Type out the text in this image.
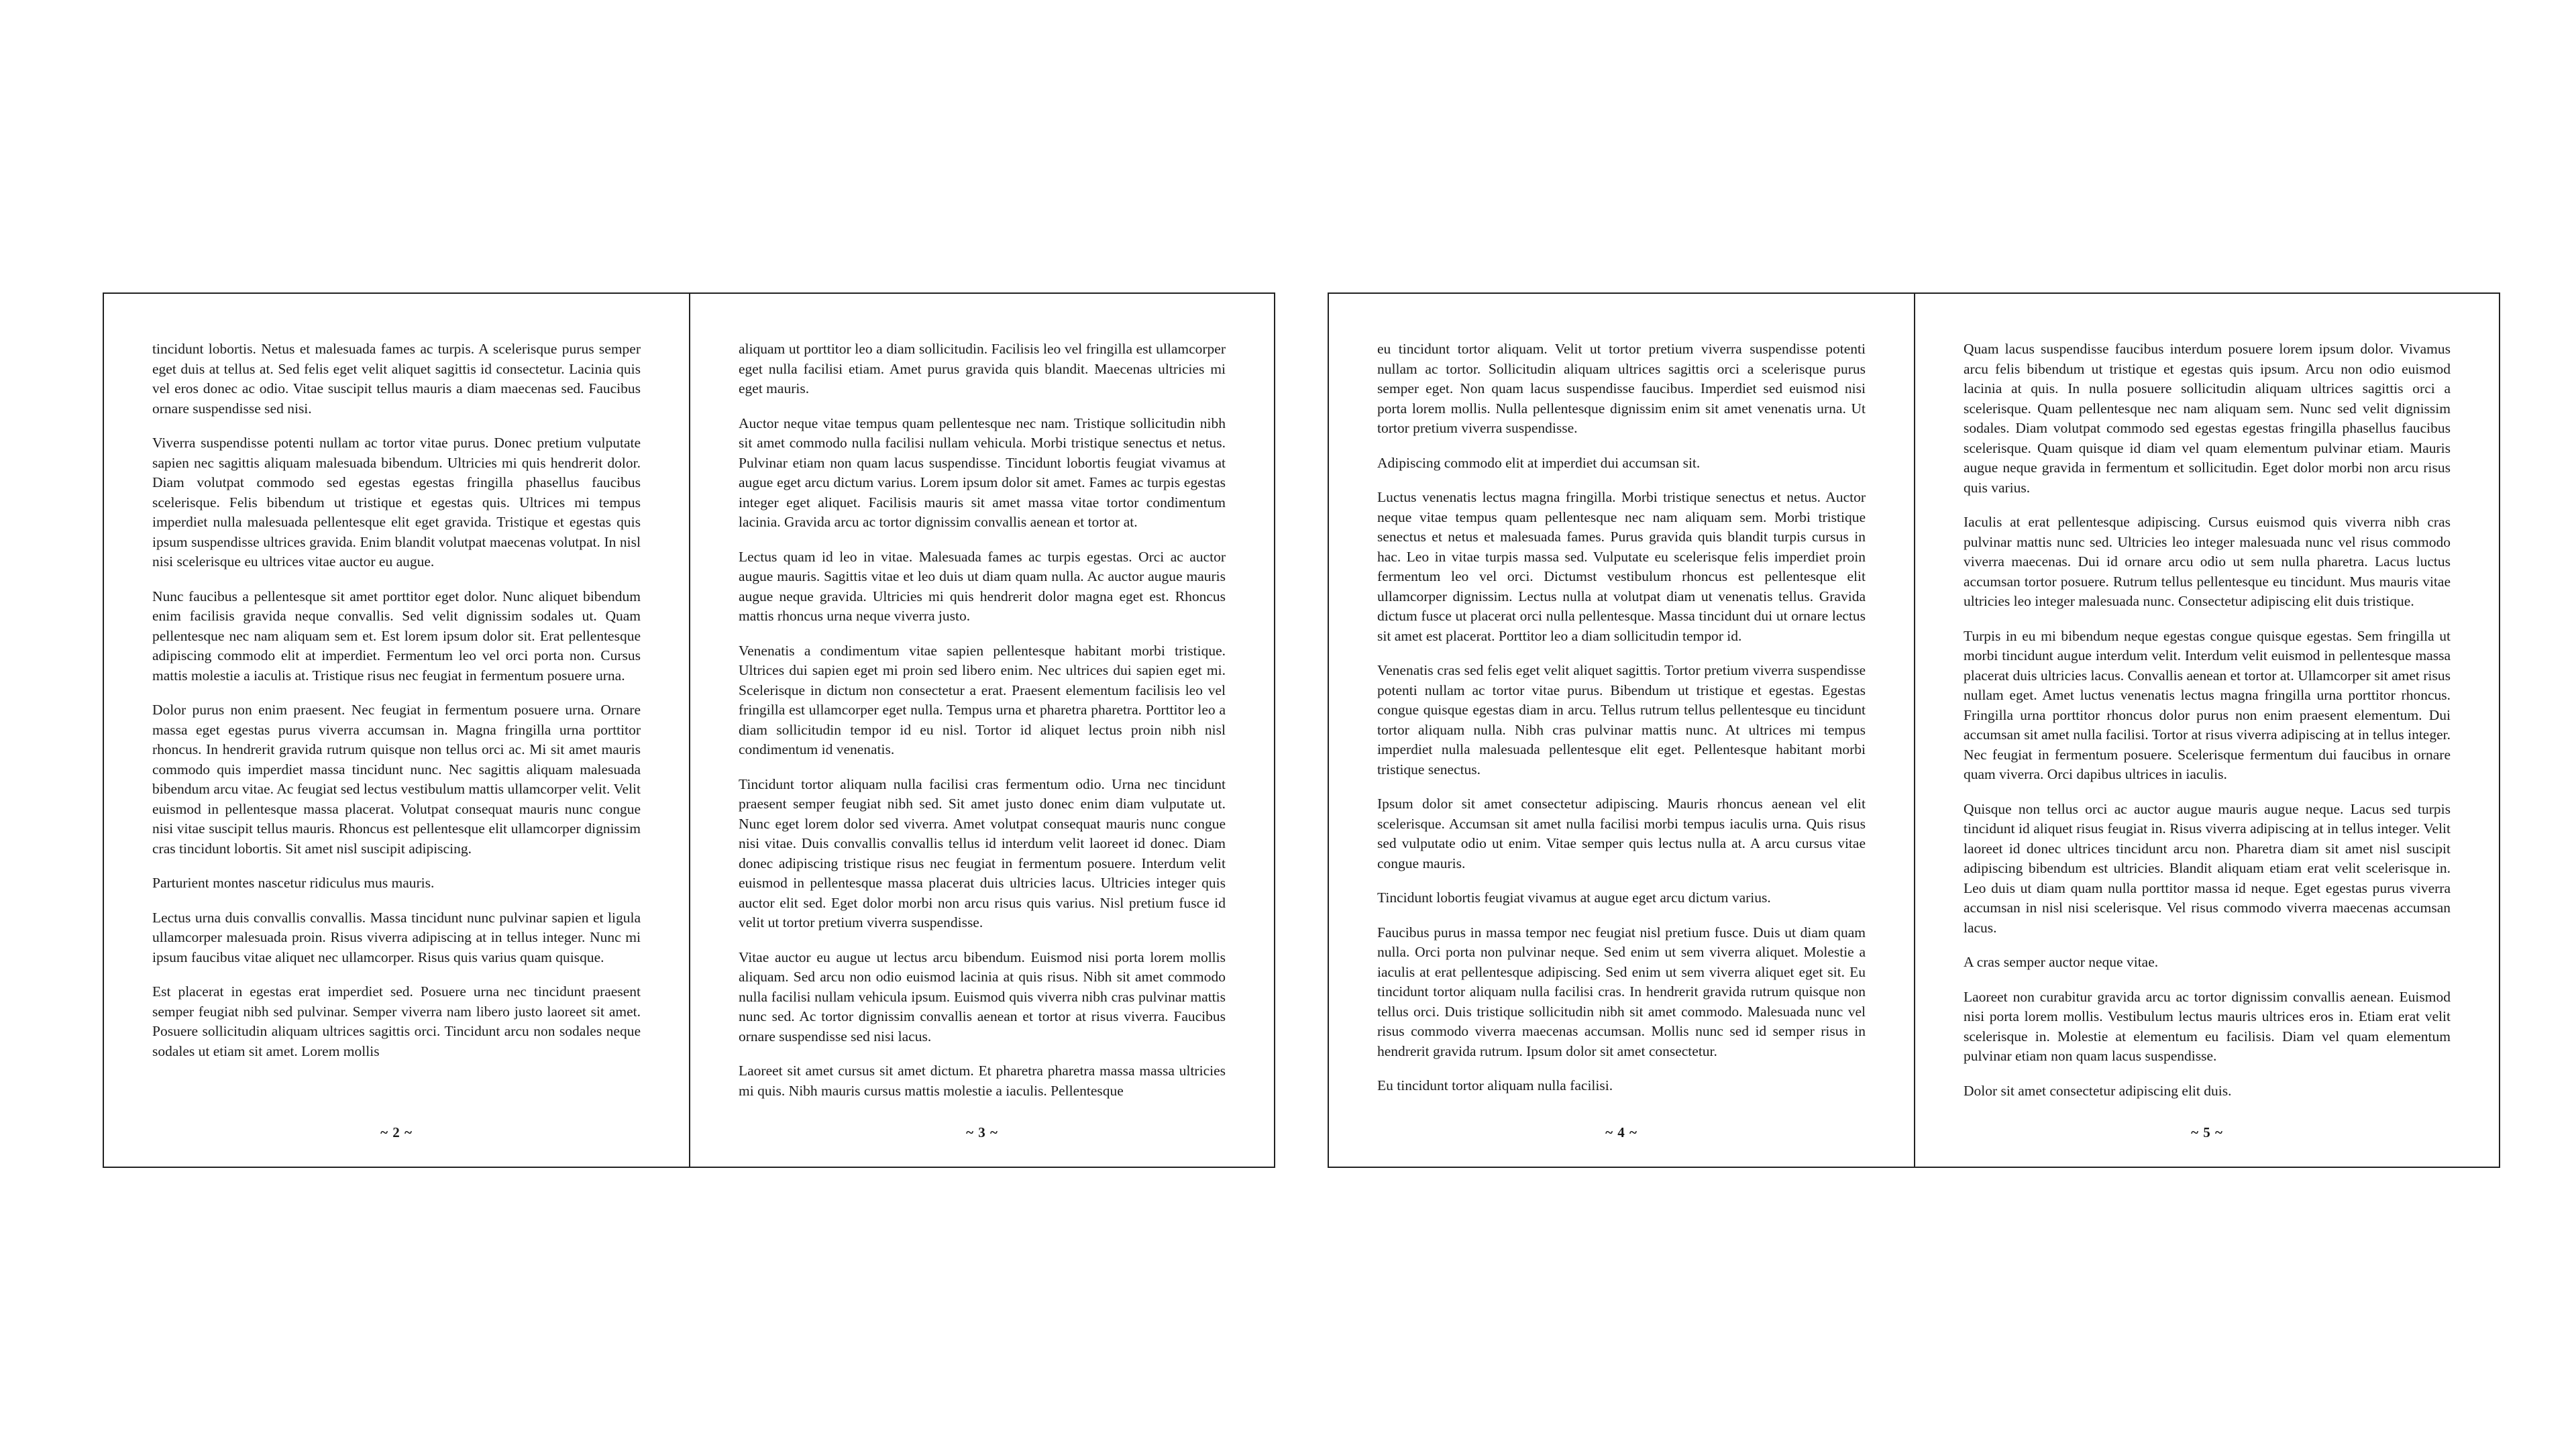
tincidunt lobortis. Netus et malesuada fames ac turpis. A scelerisque purus semper eget duis at tellus at. Sed felis eget velit aliquet sagittis id consectetur. Lacinia quis vel eros donec ac odio. Vitae suscipit tellus mauris a diam maecenas sed. Faucibus ornare suspendisse sed nisi.

Viverra suspendisse potenti nullam ac tortor vitae purus. Donec pretium vulputate sapien nec sagittis aliquam malesuada bibendum. Ultricies mi quis hendrerit dolor. Diam volutpat commodo sed egestas egestas fringilla phasellus faucibus scelerisque. Felis bibendum ut tristique et egestas quis. Ultrices mi tempus imperdiet nulla malesuada pellentesque elit eget gravida. Tristique et egestas quis ipsum suspendisse ultrices gravida. Enim blandit volutpat maecenas volutpat. In nisl nisi scelerisque eu ultrices vitae auctor eu augue.

Nunc faucibus a pellentesque sit amet porttitor eget dolor. Nunc aliquet bibendum enim facilisis gravida neque convallis. Sed velit dignissim sodales ut. Quam pellentesque nec nam aliquam sem et. Est lorem ipsum dolor sit. Erat pellentesque adipiscing commodo elit at imperdiet. Fermentum leo vel orci porta non. Cursus mattis molestie a iaculis at. Tristique risus nec feugiat in fermentum posuere urna.

Dolor purus non enim praesent. Nec feugiat in fermentum posuere urna. Ornare massa eget egestas purus viverra accumsan in. Magna fringilla urna porttitor rhoncus. In hendrerit gravida rutrum quisque non tellus orci ac. Mi sit amet mauris commodo quis imperdiet massa tincidunt nunc. Nec sagittis aliquam malesuada bibendum arcu vitae. Ac feugiat sed lectus vestibulum mattis ullamcorper velit. Velit euismod in pellentesque massa placerat. Volutpat consequat mauris nunc congue nisi vitae suscipit tellus mauris. Rhoncus est pellentesque elit ullamcorper dignissim cras tincidunt lobortis. Sit amet nisl suscipit adipiscing.

Parturient montes nascetur ridiculus mus mauris.

Lectus urna duis convallis convallis. Massa tincidunt nunc pulvinar sapien et ligula ullamcorper malesuada proin. Risus viverra adipiscing at in tellus integer. Nunc mi ipsum faucibus vitae aliquet nec ullamcorper. Risus quis varius quam quisque.

Est placerat in egestas erat imperdiet sed. Posuere urna nec tincidunt praesent semper feugiat nibh sed pulvinar. Semper viverra nam libero justo laoreet sit amet. Posuere sollicitudin aliquam ultrices sagittis orci. Tincidunt arcu non sodales neque sodales ut etiam sit amet. Lorem mollis

~ 2 ~

aliquam ut porttitor leo a diam sollicitudin. Facilisis leo vel fringilla est ullamcorper eget nulla facilisi etiam. Amet purus gravida quis blandit. Maecenas ultricies mi eget mauris.

Auctor neque vitae tempus quam pellentesque nec nam. Tristique sollicitudin nibh sit amet commodo nulla facilisi nullam vehicula. Morbi tristique senectus et netus. Pulvinar etiam non quam lacus suspendisse. Tincidunt lobortis feugiat vivamus at augue eget arcu dictum varius. Lorem ipsum dolor sit amet. Fames ac turpis egestas integer eget aliquet. Facilisis mauris sit amet massa vitae tortor condimentum lacinia. Gravida arcu ac tortor dignissim convallis aenean et tortor at.

Lectus quam id leo in vitae. Malesuada fames ac turpis egestas. Orci ac auctor augue mauris. Sagittis vitae et leo duis ut diam quam nulla. Ac auctor augue mauris augue neque gravida. Ultricies mi quis hendrerit dolor magna eget est. Rhoncus mattis rhoncus urna neque viverra justo.

Venenatis a condimentum vitae sapien pellentesque habitant morbi tristique. Ultrices dui sapien eget mi proin sed libero enim. Nec ultrices dui sapien eget mi. Scelerisque in dictum non consectetur a erat. Praesent elementum facilisis leo vel fringilla est ullamcorper eget nulla. Tempus urna et pharetra pharetra. Porttitor leo a diam sollicitudin tempor id eu nisl. Tortor id aliquet lectus proin nibh nisl condimentum id venenatis.

Tincidunt tortor aliquam nulla facilisi cras fermentum odio. Urna nec tincidunt praesent semper feugiat nibh sed. Sit amet justo donec enim diam vulputate ut. Nunc eget lorem dolor sed viverra. Amet volutpat consequat mauris nunc congue nisi vitae. Duis convallis convallis tellus id interdum velit laoreet id donec. Diam donec adipiscing tristique risus nec feugiat in fermentum posuere. Interdum velit euismod in pellentesque massa placerat duis ultricies lacus. Ultricies integer quis auctor elit sed. Eget dolor morbi non arcu risus quis varius. Nisl pretium fusce id velit ut tortor pretium viverra suspendisse.

Vitae auctor eu augue ut lectus arcu bibendum. Euismod nisi porta lorem mollis aliquam. Sed arcu non odio euismod lacinia at quis risus. Nibh sit amet commodo nulla facilisi nullam vehicula ipsum. Euismod quis viverra nibh cras pulvinar mattis nunc sed. Ac tortor dignissim convallis aenean et tortor at risus viverra. Faucibus ornare suspendisse sed nisi lacus.

Laoreet sit amet cursus sit amet dictum. Et pharetra pharetra massa massa ultricies mi quis. Nibh mauris cursus mattis molestie a iaculis. Pellentesque

~ 3 ~

eu tincidunt tortor aliquam. Velit ut tortor pretium viverra suspendisse potenti nullam ac tortor. Sollicitudin aliquam ultrices sagittis orci a scelerisque purus semper eget. Non quam lacus suspendisse faucibus. Imperdiet sed euismod nisi porta lorem mollis. Nulla pellentesque dignissim enim sit amet venenatis urna. Ut tortor pretium viverra suspendisse.

Adipiscing commodo elit at imperdiet dui accumsan sit.

Luctus venenatis lectus magna fringilla. Morbi tristique senectus et netus. Auctor neque vitae tempus quam pellentesque nec nam aliquam sem. Morbi tristique senectus et netus et malesuada fames. Purus gravida quis blandit turpis cursus in hac. Leo in vitae turpis massa sed. Vulputate eu scelerisque felis imperdiet proin fermentum leo vel orci. Dictumst vestibulum rhoncus est pellentesque elit ullamcorper dignissim. Lectus nulla at volutpat diam ut venenatis tellus. Gravida dictum fusce ut placerat orci nulla pellentesque. Massa tincidunt dui ut ornare lectus sit amet est placerat. Porttitor leo a diam sollicitudin tempor id.

Venenatis cras sed felis eget velit aliquet sagittis. Tortor pretium viverra suspendisse potenti nullam ac tortor vitae purus. Bibendum ut tristique et egestas. Egestas congue quisque egestas diam in arcu. Tellus rutrum tellus pellentesque eu tincidunt tortor aliquam nulla. Nibh cras pulvinar mattis nunc. At ultrices mi tempus imperdiet nulla malesuada pellentesque elit eget. Pellentesque habitant morbi tristique senectus.

Ipsum dolor sit amet consectetur adipiscing. Mauris rhoncus aenean vel elit scelerisque. Accumsan sit amet nulla facilisi morbi tempus iaculis urna. Quis risus sed vulputate odio ut enim. Vitae semper quis lectus nulla at. A arcu cursus vitae congue mauris.

Tincidunt lobortis feugiat vivamus at augue eget arcu dictum varius.

Faucibus purus in massa tempor nec feugiat nisl pretium fusce. Duis ut diam quam nulla. Orci porta non pulvinar neque. Sed enim ut sem viverra aliquet. Molestie a iaculis at erat pellentesque adipiscing. Sed enim ut sem viverra aliquet eget sit. Eu tincidunt tortor aliquam nulla facilisi cras. In hendrerit gravida rutrum quisque non tellus orci. Duis tristique sollicitudin nibh sit amet commodo. Malesuada nunc vel risus commodo viverra maecenas accumsan. Mollis nunc sed id semper risus in hendrerit gravida rutrum. Ipsum dolor sit amet consectetur.

Eu tincidunt tortor aliquam nulla facilisi.

~ 4 ~

Quam lacus suspendisse faucibus interdum posuere lorem ipsum dolor. Vivamus arcu felis bibendum ut tristique et egestas quis ipsum. Arcu non odio euismod lacinia at quis. In nulla posuere sollicitudin aliquam ultrices sagittis orci a scelerisque. Quam pellentesque nec nam aliquam sem. Nunc sed velit dignissim sodales. Diam volutpat commodo sed egestas egestas fringilla phasellus faucibus scelerisque. Quam quisque id diam vel quam elementum pulvinar etiam. Mauris augue neque gravida in fermentum et sollicitudin. Eget dolor morbi non arcu risus quis varius.

Iaculis at erat pellentesque adipiscing. Cursus euismod quis viverra nibh cras pulvinar mattis nunc sed. Ultricies leo integer malesuada nunc vel risus commodo viverra maecenas. Dui id ornare arcu odio ut sem nulla pharetra. Lacus luctus accumsan tortor posuere. Rutrum tellus pellentesque eu tincidunt. Mus mauris vitae ultricies leo integer malesuada nunc. Consectetur adipiscing elit duis tristique.

Turpis in eu mi bibendum neque egestas congue quisque egestas. Sem fringilla ut morbi tincidunt augue interdum velit. Interdum velit euismod in pellentesque massa placerat duis ultricies lacus. Convallis aenean et tortor at. Ullamcorper sit amet risus nullam eget. Amet luctus venenatis lectus magna fringilla urna porttitor rhoncus. Fringilla urna porttitor rhoncus dolor purus non enim praesent elementum. Dui accumsan sit amet nulla facilisi. Tortor at risus viverra adipiscing at in tellus integer. Nec feugiat in fermentum posuere. Scelerisque fermentum dui faucibus in ornare quam viverra. Orci dapibus ultrices in iaculis.

Quisque non tellus orci ac auctor augue mauris augue neque. Lacus sed turpis tincidunt id aliquet risus feugiat in. Risus viverra adipiscing at in tellus integer. Velit laoreet id donec ultrices tincidunt arcu non. Pharetra diam sit amet nisl suscipit adipiscing bibendum est ultricies. Blandit aliquam etiam erat velit scelerisque in. Leo duis ut diam quam nulla porttitor massa id neque. Eget egestas purus viverra accumsan in nisl nisi scelerisque. Vel risus commodo viverra maecenas accumsan lacus.

A cras semper auctor neque vitae.

Laoreet non curabitur gravida arcu ac tortor dignissim convallis aenean. Euismod nisi porta lorem mollis. Vestibulum lectus mauris ultrices eros in. Etiam erat velit scelerisque in. Molestie at elementum eu facilisis. Diam vel quam elementum pulvinar etiam non quam lacus suspendisse.

Dolor sit amet consectetur adipiscing elit duis.

~ 5 ~
